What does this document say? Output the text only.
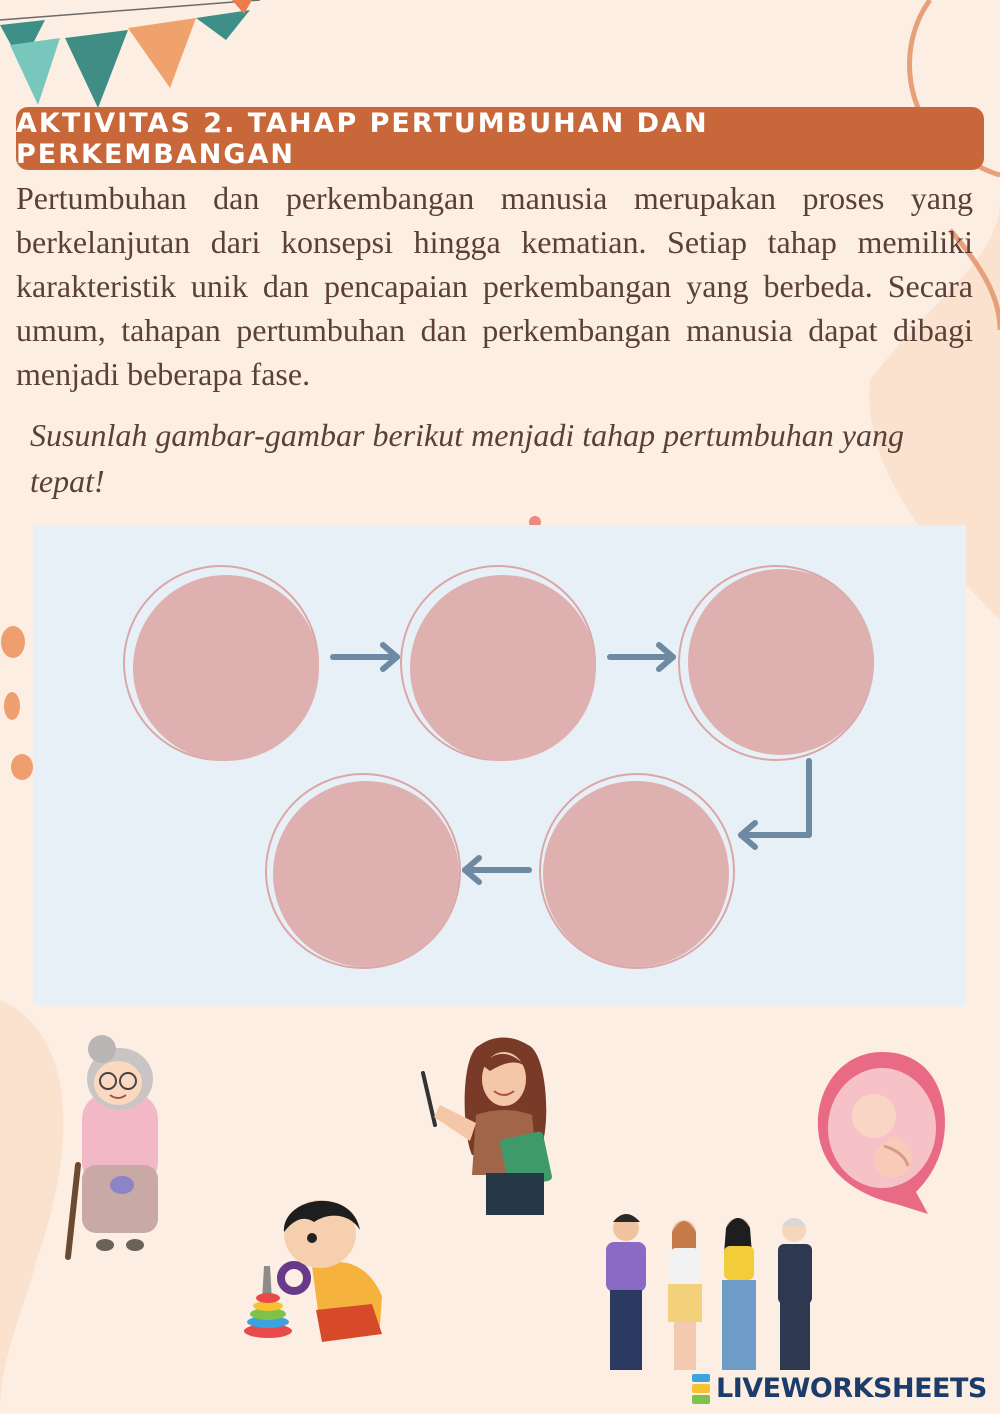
AKTIVITAS 2. TAHAP PERTUMBUHAN DAN PERKEMBANGAN

Pertumbuhan dan perkembangan manusia merupakan proses yang berkelanjutan dari konsepsi hingga kematian. Setiap tahap memiliki karakteristik unik dan pencapaian perkembangan yang berbeda. Secara umum, tahapan pertumbuhan dan perkembangan manusia dapat dibagi menjadi beberapa fase.

Susunlah gambar-gambar berikut menjadi tahap pertumbuhan yang tepat!

LIVEWORKSHEETS
